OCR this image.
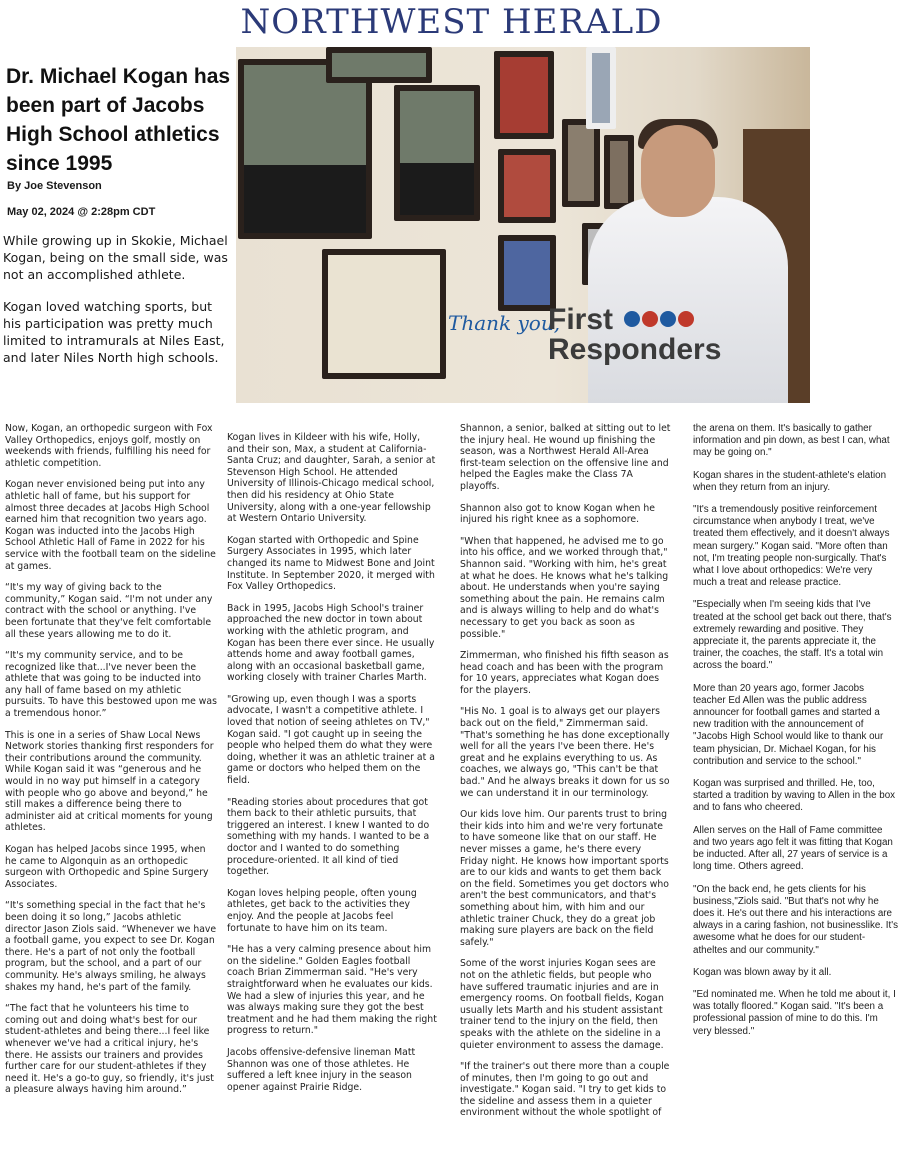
NORTHWEST HERALD
Dr. Michael Kogan has been part of Jacobs High School athletics since 1995
By Joe Stevenson
May 02, 2024 @ 2:28pm CDT

While growing up in Skokie, Michael Kogan, being on the small side, was not an accomplished athlete.

Kogan loved watching sports, but his participation was pretty much limited to intramurals at Niles East, and later Niles North high schools.

Thank you,
First
Responders

Now, Kogan, an orthopedic surgeon with Fox Valley Orthopedics, enjoys golf, mostly on weekends with friends, fulfilling his need for athletic competition.

Kogan never envisioned being put into any athletic hall of fame, but his support for almost three decades at Jacobs High School earned him that recognition two years ago. Kogan was inducted into the Jacobs High School Athletic Hall of Fame in 2022 for his service with the football team on the sideline at games.

“It's my way of giving back to the community,” Kogan said. “I'm not under any contract with the school or anything. I've been fortunate that they've felt comfortable all these years allowing me to do it.

“It's my community service, and to be recognized like that...I've never been the athlete that was going to be inducted into any hall of fame based on my athletic pursuits. To have this bestowed upon me was a tremendous honor.”

This is one in a series of Shaw Local News Network stories thanking first responders for their contributions around the community. While Kogan said it was “generous and he would in no way put himself in a category with people who go above and beyond,” he still makes a difference being there to administer aid at critical moments for young athletes.

Kogan has helped Jacobs since 1995, when he came to Algonquin as an orthopedic surgeon with Orthopedic and Spine Surgery Associates.

“It's something special in the fact that he's been doing it so long,” Jacobs athletic director Jason Ziols said. “Whenever we have a football game, you expect to see Dr. Kogan there. He's a part of not only the football program, but the school, and a part of our community. He's always smiling, he always shakes my hand, he's part of the family.

“The fact that he volunteers his time to coming out and doing what's best for our student-athletes and being there...I feel like whenever we've had a critical injury, he's there. He assists our trainers and provides further care for our student-athletes if they need it. He's a go-to guy, so friendly, it's just a pleasure always having him around.”

Kogan lives in Kildeer with his wife, Holly, and their son, Max, a student at California-Santa Cruz; and daughter, Sarah, a senior at Stevenson High School. He attended University of Illinois-Chicago medical school, then did his residency at Ohio State University, along with a one-year fellowship at Western Ontario University.

Kogan started with Orthopedic and Spine Surgery Associates in 1995, which later changed its name to Midwest Bone and Joint Institute. In September 2020, it merged with Fox Valley Orthopedics.

Back in 1995, Jacobs High School's trainer approached the new doctor in town about working with the athletic program, and Kogan has been there ever since. He usually attends home and away football games, along with an occasional basketball game, working closely with trainer Charles Marth.

"Growing up, even though I was a sports advocate, I wasn't a competitive athlete. I loved that notion of seeing athletes on TV," Kogan said. "I got caught up in seeing the people who helped them do what they were doing, whether it was an athletic trainer at a game or doctors who helped them on the field.

"Reading stories about procedures that got them back to their athletic pursuits, that triggered an interest. I knew I wanted to do something with my hands. I wanted to be a doctor and I wanted to do something procedure-oriented. It all kind of tied together.

Kogan loves helping people, often young athletes, get back to the activities they enjoy. And the people at Jacobs feel fortunate to have him on its team.

"He has a very calming presence about him on the sideline." Golden Eagles football coach Brian Zimmerman said. "He's very straightforward when he evaluates our kids. We had a slew of injuries this year, and he was always making sure they got the best treatment and he had them making the right progress to return."

Jacobs offensive-defensive lineman Matt Shannon was one of those athletes. He suffered a left knee injury in the season opener against Prairie Ridge.

Shannon, a senior, balked at sitting out to let the injury heal. He wound up finishing the season, was a Northwest Herald All-Area first-team selection on the offensive line and helped the Eagles make the Class 7A playoffs.

Shannon also got to know Kogan when he injured his right knee as a sophomore.

"When that happened, he advised me to go into his office, and we worked through that," Shannon said. "Working with him, he's great at what he does. He knows what he's talking about. He understands when you're saying something about the pain. He remains calm and is always willing to help and do what's necessary to get you back as soon as possible."

Zimmerman, who finished his fifth season as head coach and has been with the program for 10 years, appreciates what Kogan does for the players.

"His No. 1 goal is to always get our players back out on the field," Zimmerman said. "That's something he has done exceptionally well for all the years I've been there. He's great and he explains everything to us. As coaches, we always go, "This can't be that bad." And he always breaks it down for us so we can understand it in our terminology.

Our kids love him. Our parents trust to bring their kids into him and we're very fortunate to have someone like that on our staff. He never misses a game, he's there every Friday night. He knows how important sports are to our kids and wants to get them back on the field. Sometimes you get doctors who aren't the best communicators, and that's something about him, with him and our athletic trainer Chuck, they do a great job making sure players are back on the field safely."

Some of the worst injuries Kogan sees are not on the athletic fields, but people who have suffered traumatic injuries and are in emergency rooms. On football fields, Kogan usually lets Marth and his student assistant trainer tend to the injury on the field, then speaks with the athlete on the sideline in a quieter environment to assess the damage.

"If the trainer's out there more than a couple of minutes, then I'm going to go out and investigate." Kogan said. "I try to get kids to the sideline and assess them in a quieter environment without the whole spotlight of

the arena on them. It's basically to gather information and pin down, as best I can, what may be going on."

Kogan shares in the student-athlete's elation when they return from an injury.

"It's a tremendously positive reinforcement circumstance when anybody I treat, we've treated them effectively, and it doesn't always mean surgery." Kogan said. "More often than not, I'm treating people non-surgically. That's what I love about orthopedics: We're very much a treat and release practice.

"Especially when I'm seeing kids that I've treated at the school get back out there, that's extremely rewarding and positive. They appreciate it, the parents appreciate it, the trainer, the coaches, the staff. It's a total win across the board."

More than 20 years ago, former Jacobs teacher Ed Allen was the public address announcer for football games and started a new tradition with the announcement of "Jacobs High School would like to thank our team physician, Dr. Michael Kogan, for his contribution and service to the school."

Kogan was surprised and thrilled. He, too, started a tradition by waving to Allen in the box and to fans who cheered.

Allen serves on the Hall of Fame committee and two years ago felt it was fitting that Kogan be inducted. After all, 27 years of service is a long time. Others agreed.

"On the back end, he gets clients for his business,"Ziols said. "But that's not why he does it. He's out there and his interactions are always in a caring fashion, not businesslike. It's awesome what he does for our student-atheltes and our community."

Kogan was blown away by it all.

"Ed nominated me. When he told me about it, I was totally floored." Kogan said. "It's been a professional passion of mine to do this. I'm very blessed."
